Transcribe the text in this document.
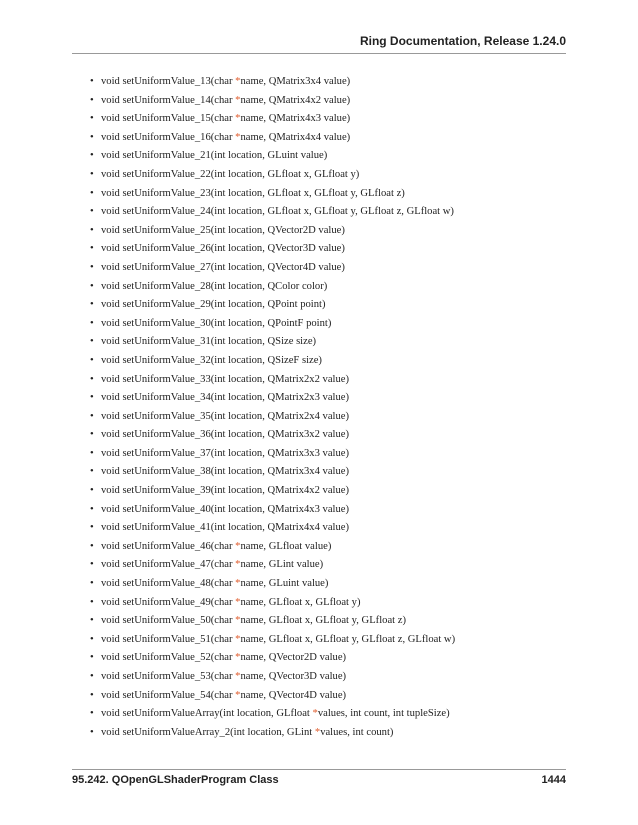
Ring Documentation, Release 1.24.0
• void setUniformValue_13(char *name, QMatrix3x4 value)
• void setUniformValue_14(char *name, QMatrix4x2 value)
• void setUniformValue_15(char *name, QMatrix4x3 value)
• void setUniformValue_16(char *name, QMatrix4x4 value)
• void setUniformValue_21(int location, GLuint value)
• void setUniformValue_22(int location, GLfloat x, GLfloat y)
• void setUniformValue_23(int location, GLfloat x, GLfloat y, GLfloat z)
• void setUniformValue_24(int location, GLfloat x, GLfloat y, GLfloat z, GLfloat w)
• void setUniformValue_25(int location, QVector2D value)
• void setUniformValue_26(int location, QVector3D value)
• void setUniformValue_27(int location, QVector4D value)
• void setUniformValue_28(int location, QColor color)
• void setUniformValue_29(int location, QPoint point)
• void setUniformValue_30(int location, QPointF point)
• void setUniformValue_31(int location, QSize size)
• void setUniformValue_32(int location, QSizeF size)
• void setUniformValue_33(int location, QMatrix2x2 value)
• void setUniformValue_34(int location, QMatrix2x3 value)
• void setUniformValue_35(int location, QMatrix2x4 value)
• void setUniformValue_36(int location, QMatrix3x2 value)
• void setUniformValue_37(int location, QMatrix3x3 value)
• void setUniformValue_38(int location, QMatrix3x4 value)
• void setUniformValue_39(int location, QMatrix4x2 value)
• void setUniformValue_40(int location, QMatrix4x3 value)
• void setUniformValue_41(int location, QMatrix4x4 value)
• void setUniformValue_46(char *name, GLfloat value)
• void setUniformValue_47(char *name, GLint value)
• void setUniformValue_48(char *name, GLuint value)
• void setUniformValue_49(char *name, GLfloat x, GLfloat y)
• void setUniformValue_50(char *name, GLfloat x, GLfloat y, GLfloat z)
• void setUniformValue_51(char *name, GLfloat x, GLfloat y, GLfloat z, GLfloat w)
• void setUniformValue_52(char *name, QVector2D value)
• void setUniformValue_53(char *name, QVector3D value)
• void setUniformValue_54(char *name, QVector4D value)
• void setUniformValueArray(int location, GLfloat *values, int count, int tupleSize)
• void setUniformValueArray_2(int location, GLint *values, int count)
95.242. QOpenGLShaderProgram Class	1444
